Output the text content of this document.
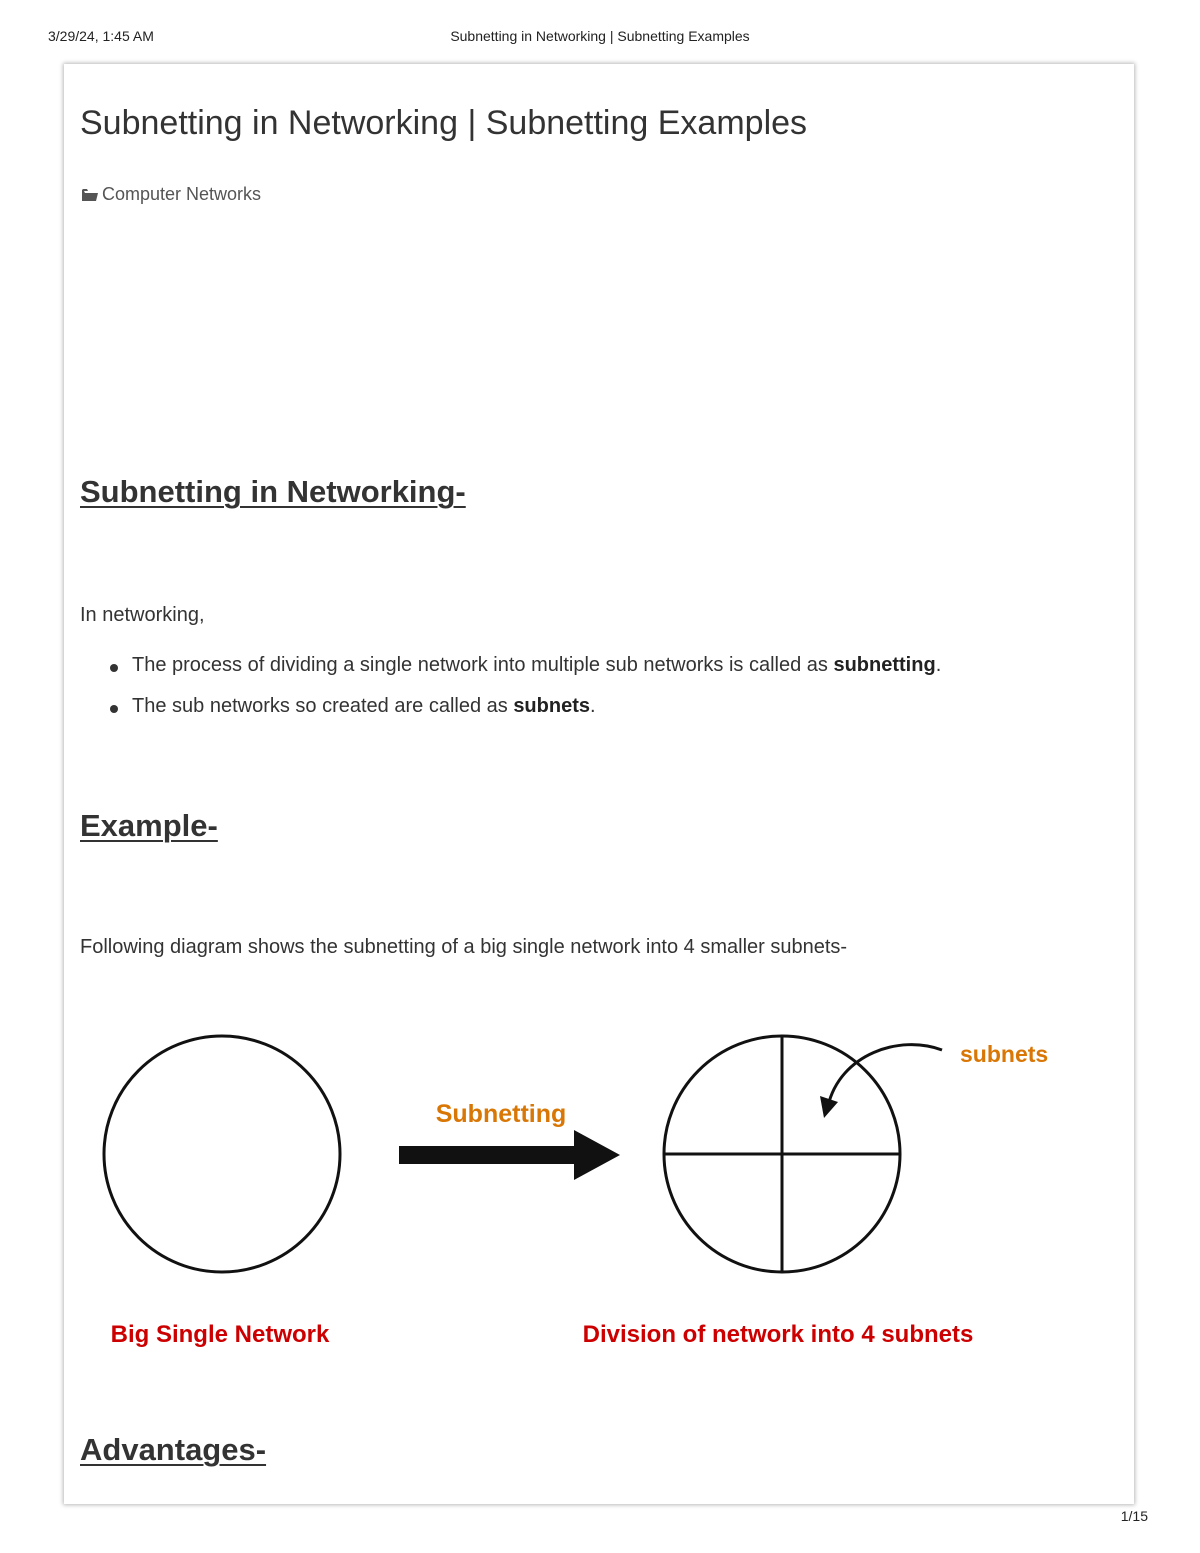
3/29/24, 1:45 AM	Subnetting in Networking | Subnetting Examples
Subnetting in Networking | Subnetting Examples
Computer Networks
Subnetting in Networking-

In networking,

The process of dividing a single network into multiple sub networks is called as subnetting.
The sub networks so created are called as subnets.
Example-

Following diagram shows the subnetting of a big single network into 4 smaller subnets-

Subnetting
subnets
Big Single Network	Division of network into 4 subnets
Advantages-
1/15
